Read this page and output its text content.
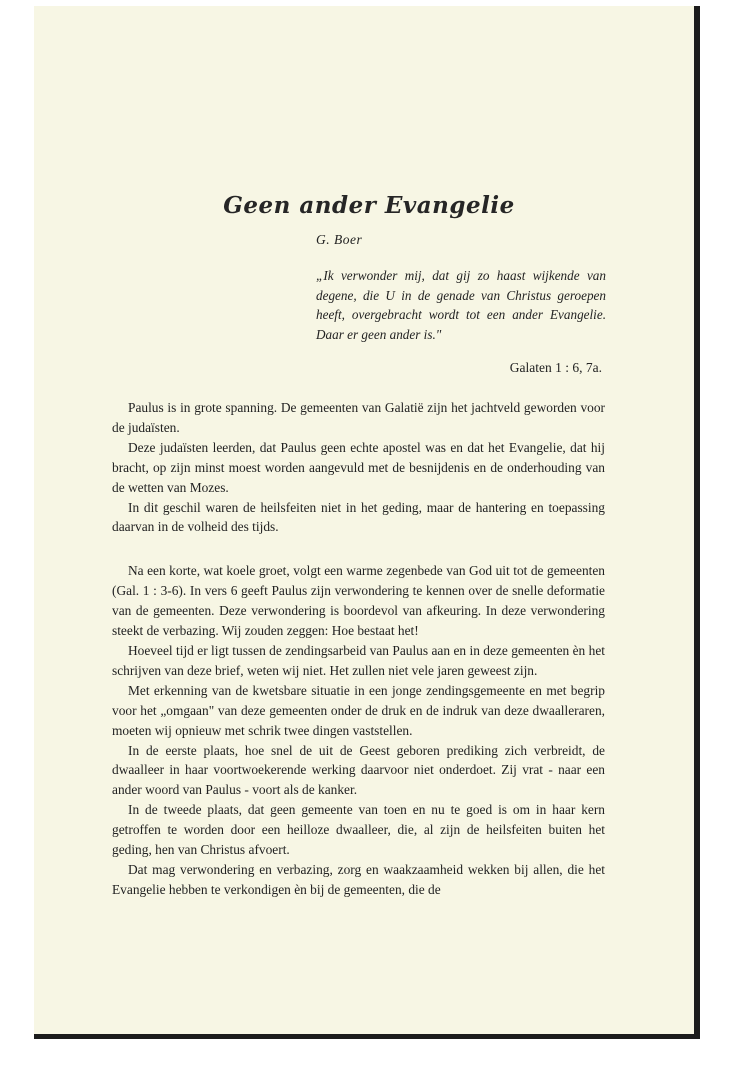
Geen ander Evangelie
G. Boer
„Ik verwonder mij, dat gij zo haast wijkende van degene, die U in de genade van Christus geroepen heeft, overgebracht wordt tot een ander Evangelie. Daar er geen ander is."
Galaten 1 : 6, 7a.

Paulus is in grote spanning. De gemeenten van Galatië zijn het jachtveld geworden voor de judaïsten.

Deze judaïsten leerden, dat Paulus geen echte apostel was en dat het Evangelie, dat hij bracht, op zijn minst moest worden aangevuld met de besnijdenis en de onderhouding van de wetten van Mozes.

In dit geschil waren de heilsfeiten niet in het geding, maar de hantering en toepassing daarvan in de volheid des tijds.

Na een korte, wat koele groet, volgt een warme zegenbede van God uit tot de gemeenten (Gal. 1 : 3-6). In vers 6 geeft Paulus zijn verwondering te kennen over de snelle deformatie van de gemeenten. Deze verwondering is boordevol van afkeuring. In deze verwondering steekt de verbazing. Wij zouden zeggen: Hoe bestaat het!

Hoeveel tijd er ligt tussen de zendingsarbeid van Paulus aan en in deze gemeenten èn het schrijven van deze brief, weten wij niet. Het zullen niet vele jaren geweest zijn.

Met erkenning van de kwetsbare situatie in een jonge zendingsgemeente en met begrip voor het „omgaan" van deze gemeenten onder de druk en de indruk van deze dwaalleraren, moeten wij opnieuw met schrik twee dingen vaststellen.

In de eerste plaats, hoe snel de uit de Geest geboren prediking zich verbreidt, de dwaalleer in haar voortwoekerende werking daarvoor niet onderdoet. Zij vrat - naar een ander woord van Paulus - voort als de kanker.

In de tweede plaats, dat geen gemeente van toen en nu te goed is om in haar kern getroffen te worden door een heilloze dwaalleer, die, al zijn de heilsfeiten buiten het geding, hen van Christus afvoert.

Dat mag verwondering en verbazing, zorg en waakzaamheid wekken bij allen, die het Evangelie hebben te verkondigen èn bij de gemeenten, die de
